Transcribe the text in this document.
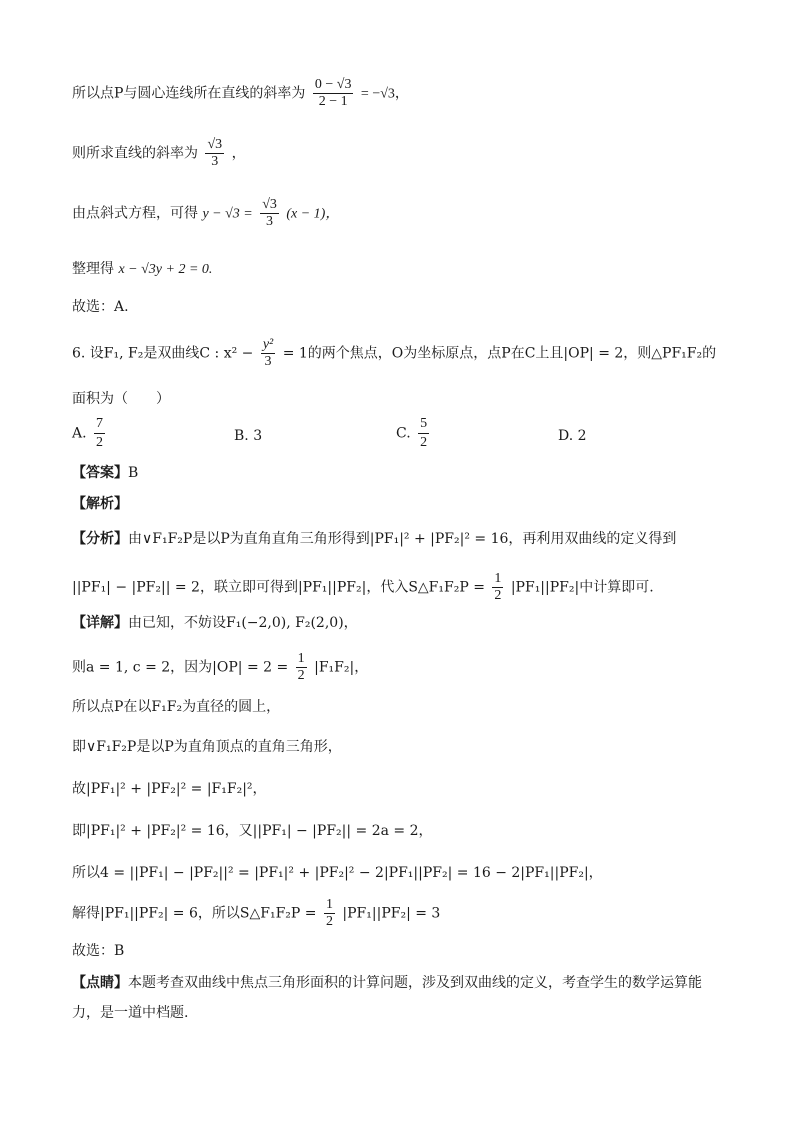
所以点P与圆心连线所在直线的斜率为 $\frac{0 - √3}{2 - 1} = -√3$，
则所求直线的斜率为 $\frac{√3}{3}$ ，
由点斜式方程，可得 $y - √3 = \frac{√3}{3} (x - 1)$，
整理得 x − √3y + 2 = 0.
故选：A.
6. 设F₁, F₂是双曲线C : $x^2 - \frac{\text{y²}}{3} = 1$的两个焦点，O为坐标原点，点P在C上且|OP| = 2，则△PF₁F₂的
面积为（　　）
A. $\frac{7}{2}$	B. 3	C. $\frac{5}{2}$	D. 2
【答案】B
【解析】
【分析】由∨F₁F₂P是以P为直角直角三角形得到|PF₁|² + |PF₂|² = 16，再利用双曲线的定义得到
||PF₁| − |PF₂|| = 2，联立即可得到|PF₁||PF₂|，代入S△F₁F₂P = $\frac{1}{2} |PF_1||PF_2|$中计算即可.
【详解】由已知，不妨设F₁(−2,0), F₂(2,0)，
则a = 1, c = 2，因为$|OP| = 2 = \frac{1}{2} |F_1F_2|$，
所以点P在以F₁F₂为直径的圆上，
即∨F₁F₂P是以P为直角顶点的直角三角形，
故|PF₁|² + |PF₂|² = |F₁F₂|²，
即|PF₁|² + |PF₂|² = 16，又||PF₁| − |PF₂|| = 2a = 2，
所以4 = ||PF₁| − |PF₂||² = |PF₁|² + |PF₂|² − 2|PF₁||PF₂| = 16 − 2|PF₁||PF₂|，
解得|PF₁||PF₂| = 6，所以S△F₁F₂P = $\frac{1}{2} |PF_1||PF_2| = 3$
故选：B
【点睛】本题考查双曲线中焦点三角形面积的计算问题，涉及到双曲线的定义，考查学生的数学运算能
力，是一道中档题.
